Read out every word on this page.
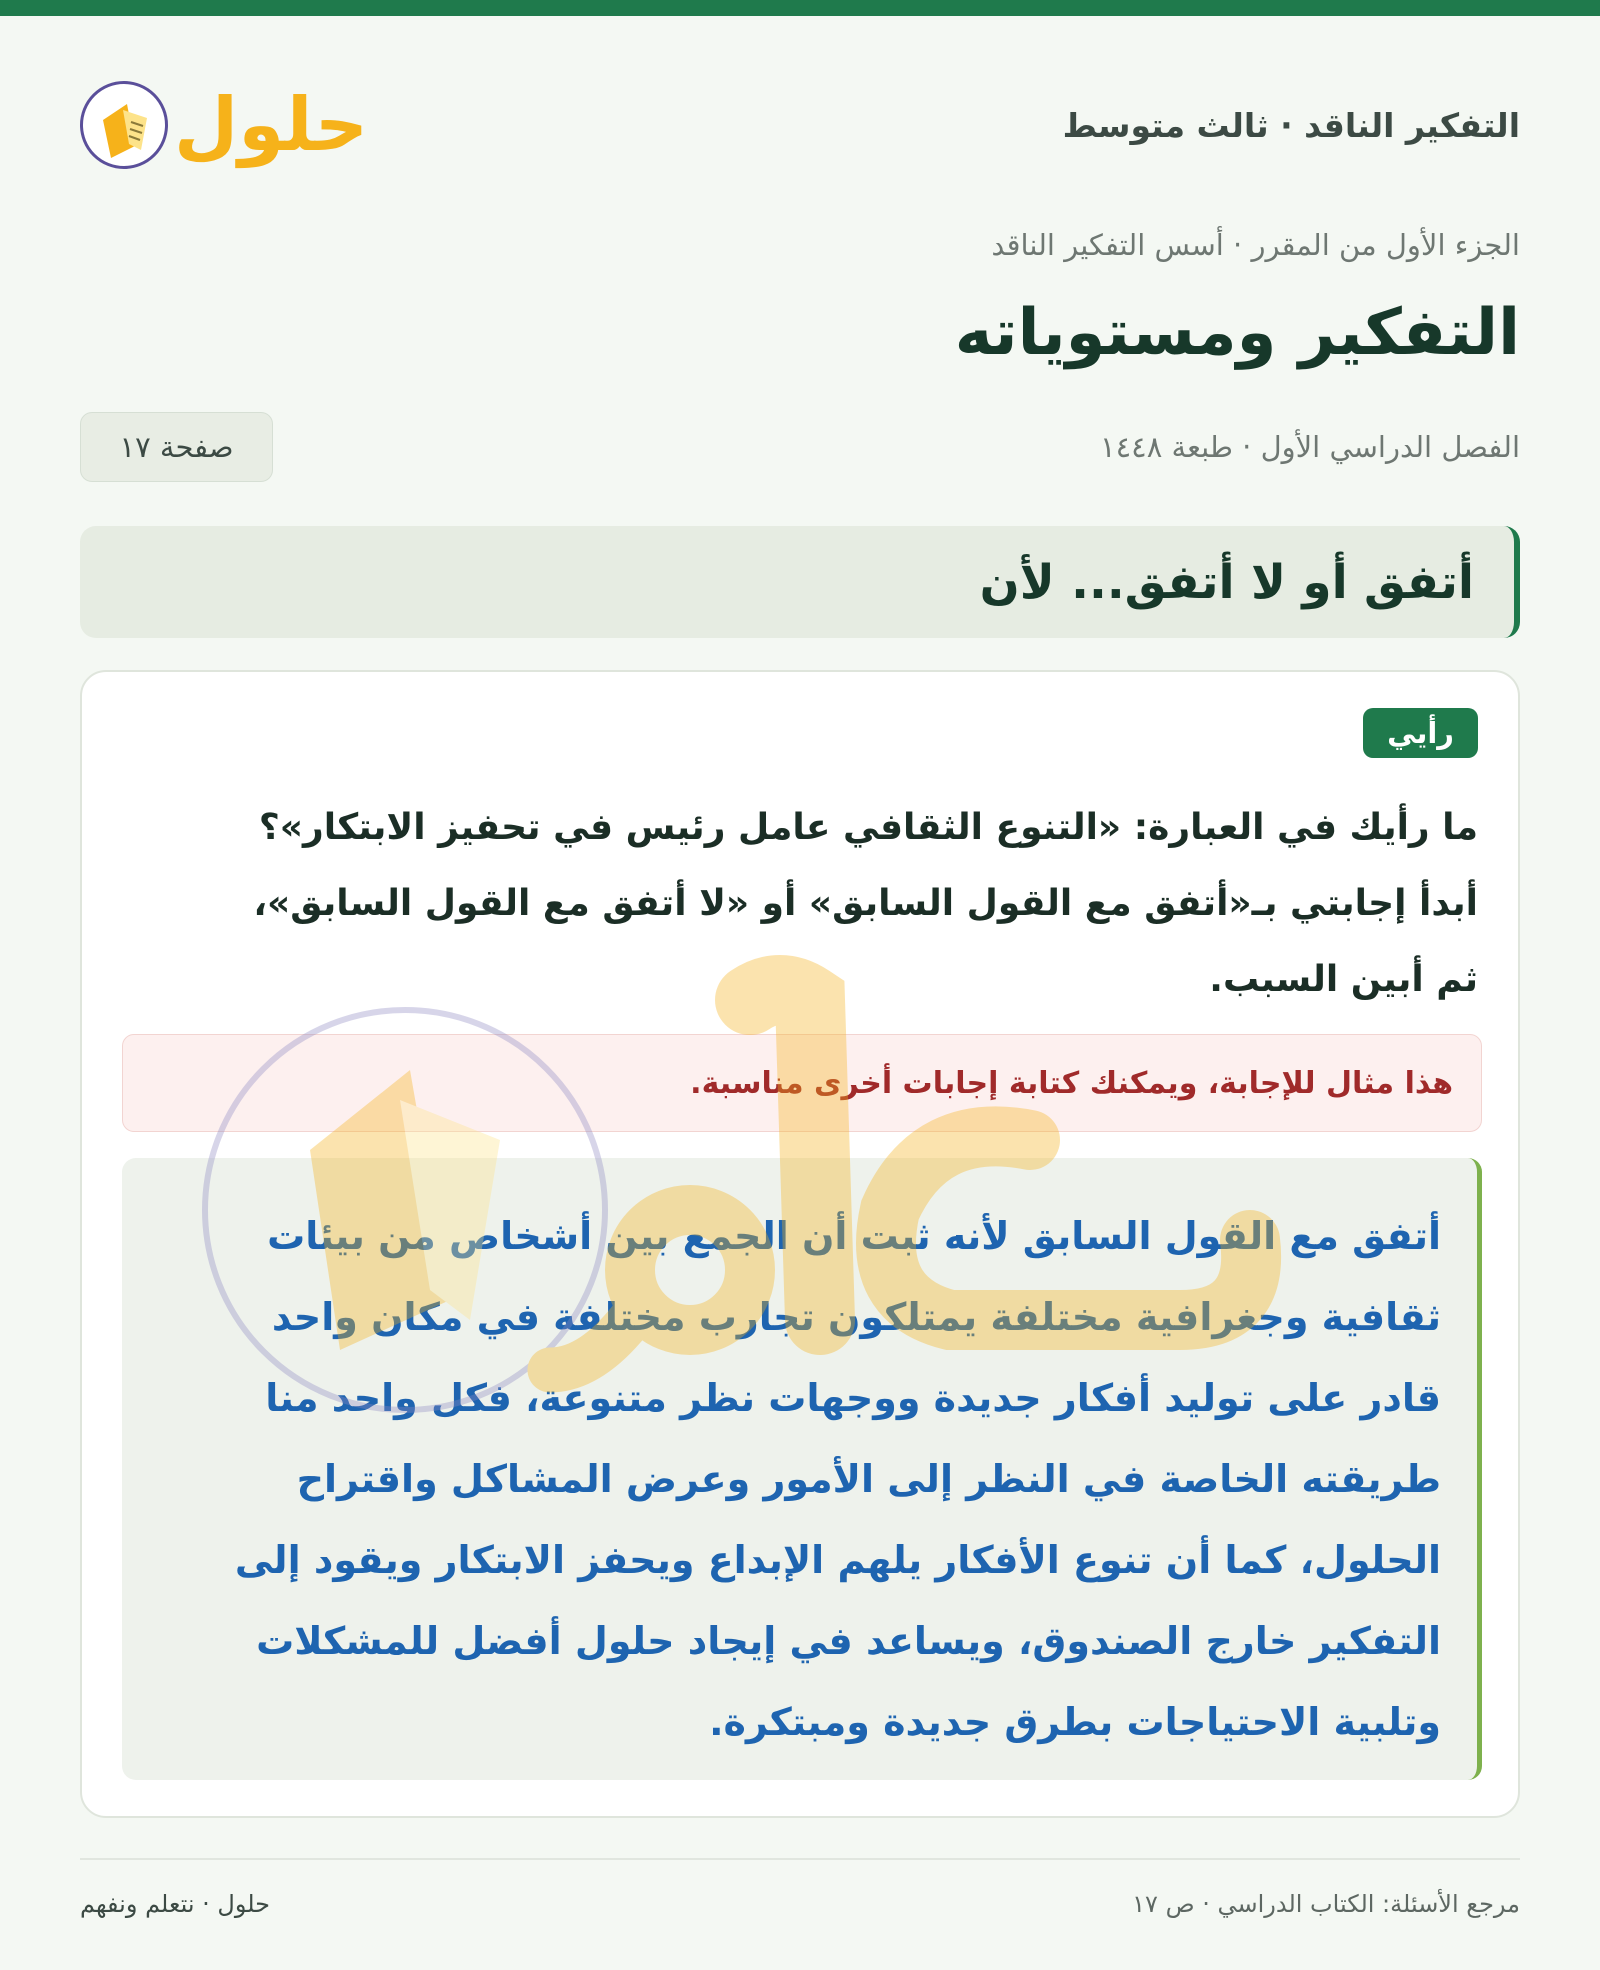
التفكير الناقد · ثالث متوسط
حلول
الجزء الأول من المقرر · أسس التفكير الناقد
التفكير ومستوياته
الفصل الدراسي الأول · طبعة ١٤٤٨
صفحة ١٧
أتفق أو لا أتفق... لأن
رأيي
ما رأيك في العبارة: «التنوع الثقافي عامل رئيس في تحفيز الابتكار»؟
أبدأ إجابتي بـ«أتفق مع القول السابق» أو «لا أتفق مع القول السابق»،
ثم أبين السبب.
هذا مثال للإجابة، ويمكنك كتابة إجابات أخرى مناسبة.
أتفق مع القول السابق لأنه ثبت أن الجمع بين أشخاص من بيئات
ثقافية وجغرافية مختلفة يمتلكون تجارب مختلفة في مكان واحد
قادر على توليد أفكار جديدة ووجهات نظر متنوعة، فكل واحد منا
طريقته الخاصة في النظر إلى الأمور وعرض المشاكل واقتراح
الحلول، كما أن تنوع الأفكار يلهم الإبداع ويحفز الابتكار ويقود إلى
التفكير خارج الصندوق، ويساعد في إيجاد حلول أفضل للمشكلات
وتلبية الاحتياجات بطرق جديدة ومبتكرة.
حلول · نتعلم ونفهم	مرجع الأسئلة: الكتاب الدراسي · ص ١٧
